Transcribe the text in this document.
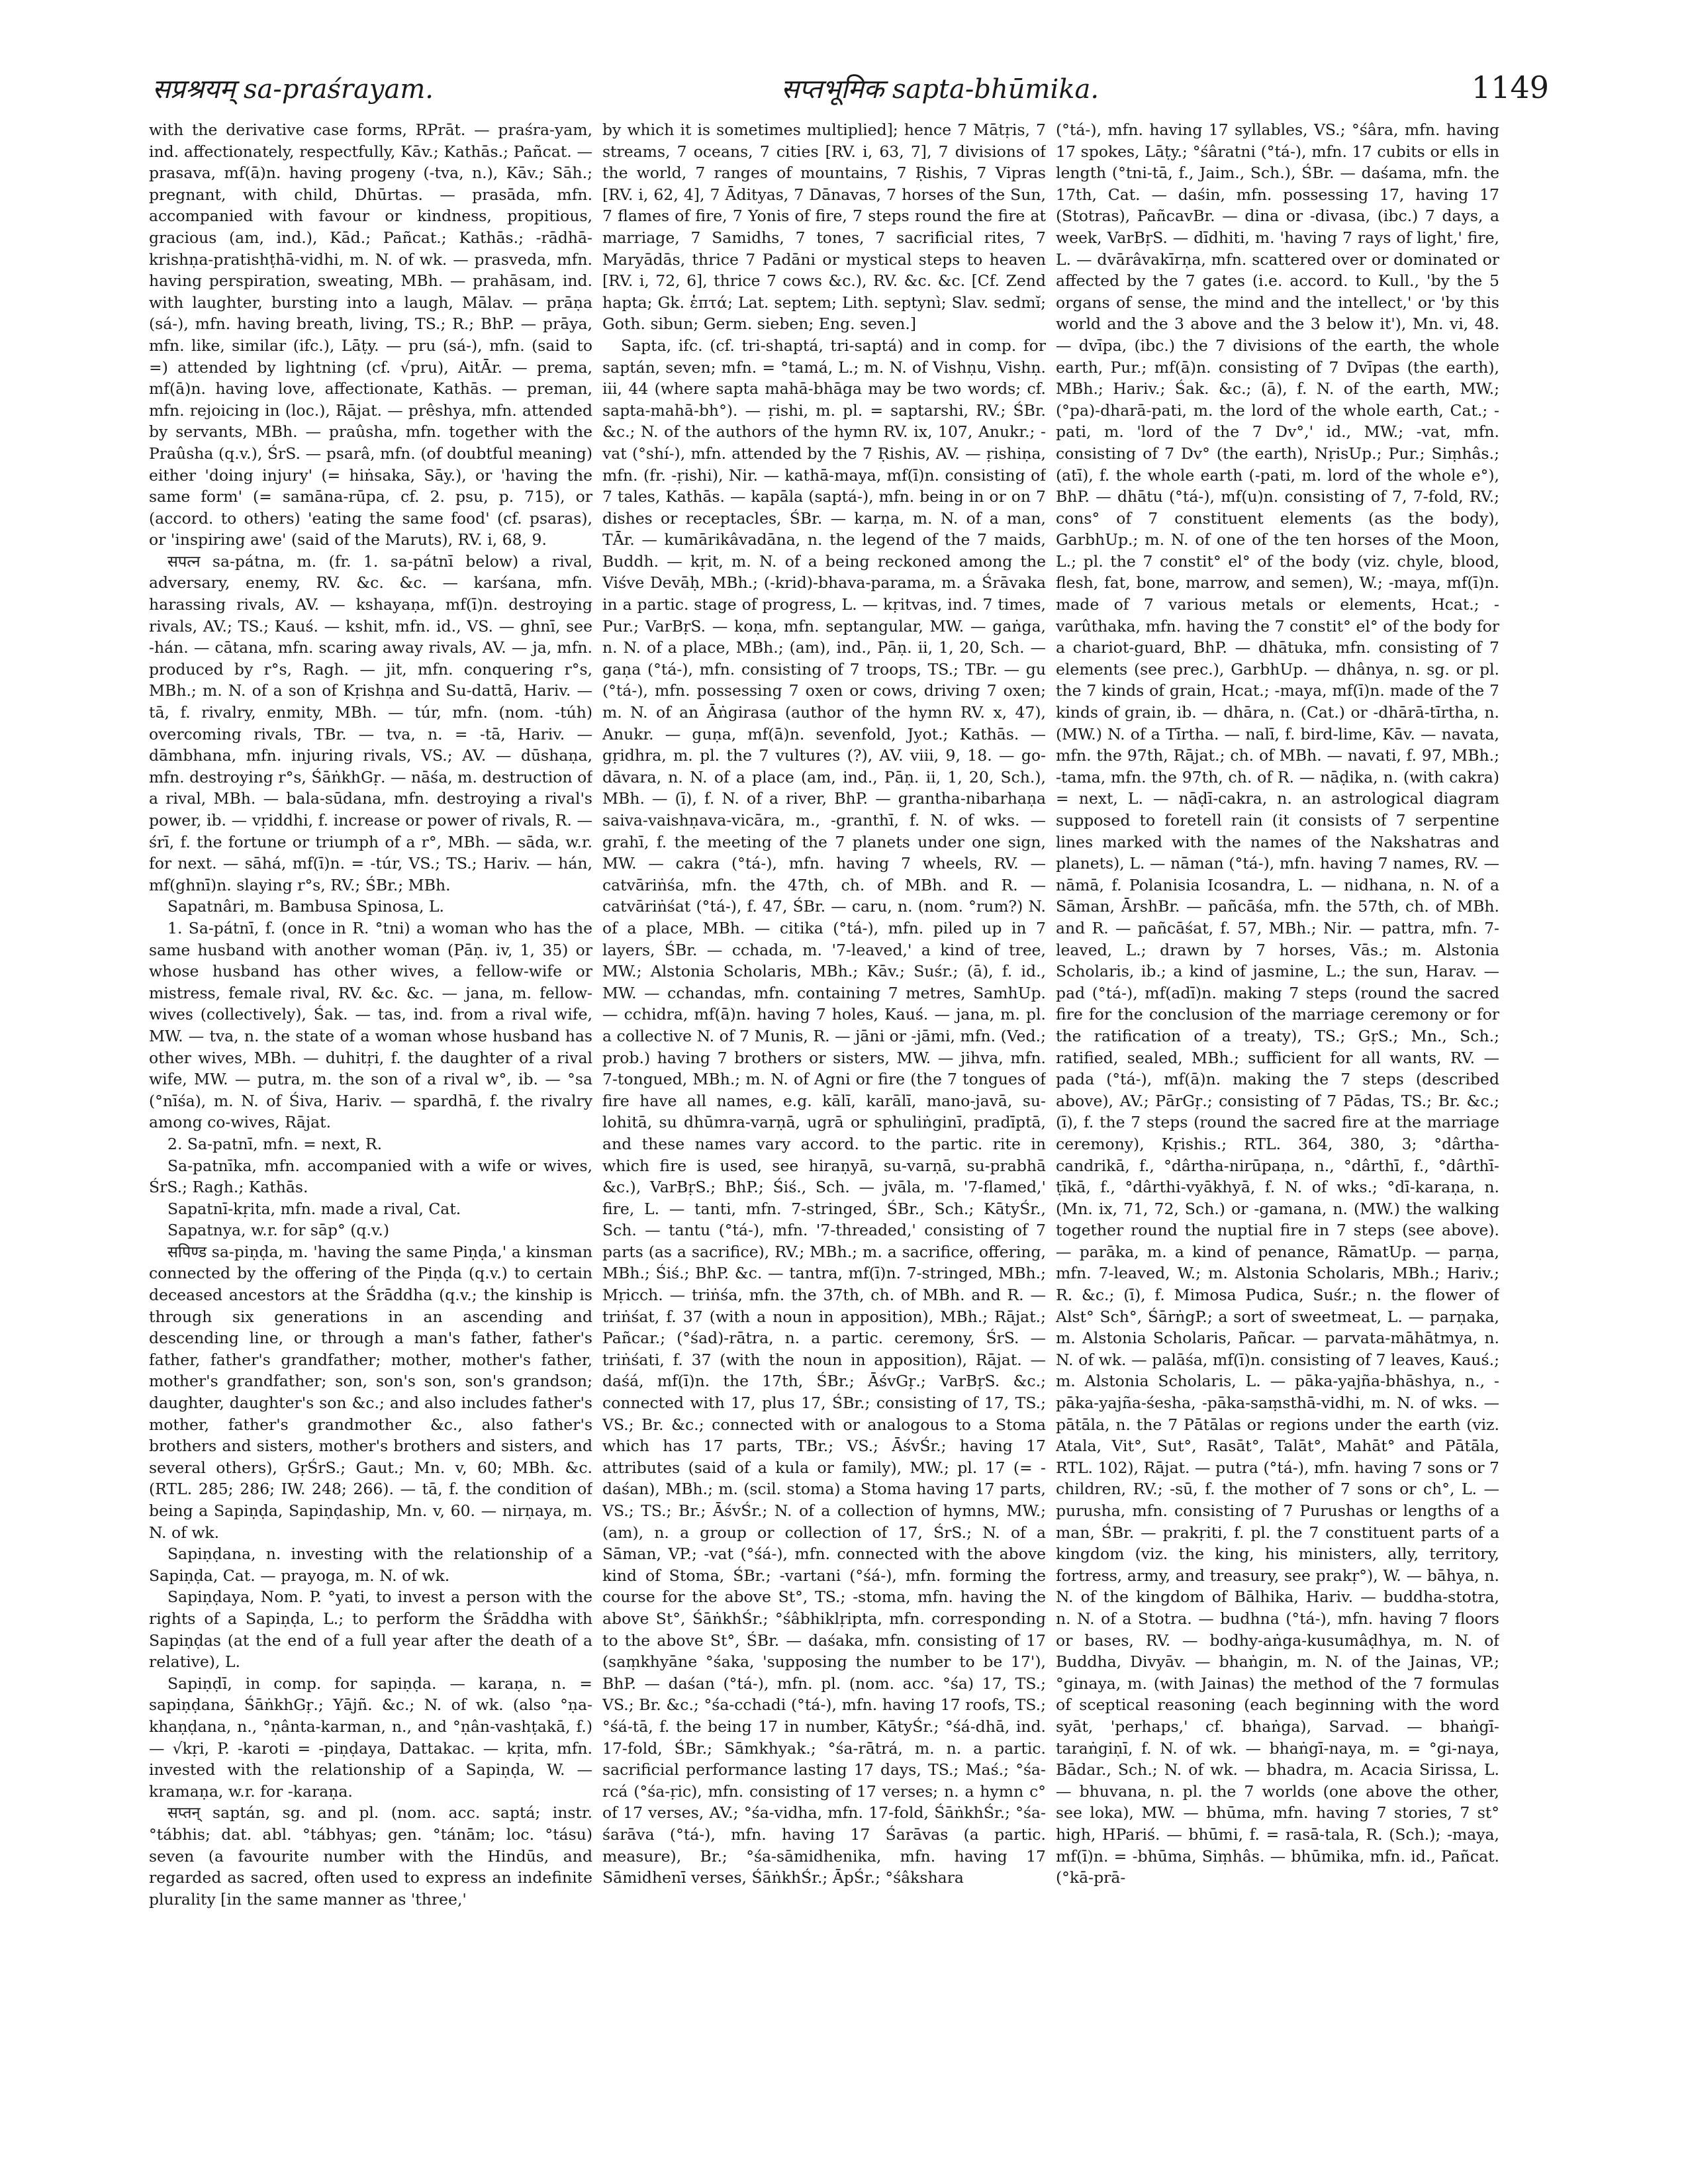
सप्रश्रयम् sa-praśrayam.	सप्तभूमिक sapta-bhūmika.	1149

with the derivative case forms, RPrāt. — praśra-yam, ind. affectionately, respectfully, Kāv.; Kathās.; Pañcat. — prasava, mf(ā)n. having progeny (-tva, n.), Kāv.; Sāh.; pregnant, with child, Dhūrtas. — prasāda, mfn. accompanied with favour or kindness, propitious, gracious (am, ind.), Kād.; Pañcat.; Kathās.; -rādhā-krishṇa-pratishṭhā-vidhi, m. N. of wk. — prasveda, mfn. having perspiration, sweating, MBh. — prahāsam, ind. with laughter, bursting into a laugh, Mālav. — prāṇa (sá-), mfn. having breath, living, TS.; R.; BhP. — prāya, mfn. like, similar (ifc.), Lāṭy. — pru (sá-), mfn. (said to =) attended by lightning (cf. √pru), AitĀr. — prema, mf(ā)n. having love, affectionate, Kathās. — preman, mfn. rejoicing in (loc.), Rājat. — prêshya, mfn. attended by servants, MBh. — praûsha, mfn. together with the Praûsha (q.v.), ŚrS. — psarâ, mfn. (of doubtful meaning) either 'doing injury' (= hiṅsaka, Sāy.), or 'having the same form' (= samāna-rūpa, cf. 2. psu, p. 715), or (accord. to others) 'eating the same food' (cf. psaras), or 'inspiring awe' (said of the Maruts), RV. i, 68, 9.

सपत्न sa-pátna, m. (fr. 1. sa-pátnī below) a rival, adversary, enemy, RV. &c. &c. — karśana, mfn. harassing rivals, AV. — kshayaṇa, mf(ī)n. destroying rivals, AV.; TS.; Kauś. — kshit, mfn. id., VS. — ghnī, see -hán. — cātana, mfn. scaring away rivals, AV. — ja, mfn. produced by r°s, Ragh. — jit, mfn. conquering r°s, MBh.; m. N. of a son of Kṛishṇa and Su-dattā, Hariv. — tā, f. rivalry, enmity, MBh. — túr, mfn. (nom. -túh) overcoming rivals, TBr. — tva, n. = -tā, Hariv. — dāmbhana, mfn. injuring rivals, VS.; AV. — dūshaṇa, mfn. destroying r°s, ŚāṅkhGṛ. — nāśa, m. destruction of a rival, MBh. — bala-sūdana, mfn. destroying a rival's power, ib. — vṛiddhi, f. increase or power of rivals, R. — śrī, f. the fortune or triumph of a r°, MBh. — sāda, w.r. for next. — sāhá, mf(ī)n. = -túr, VS.; TS.; Hariv. — hán, mf(ghnī)n. slaying r°s, RV.; ŚBr.; MBh.

Sapatnâri, m. Bambusa Spinosa, L.

1. Sa-pátnī, f. (once in R. °tni) a woman who has the same husband with another woman (Pāṇ. iv, 1, 35) or whose husband has other wives, a fellow-wife or mistress, female rival, RV. &c. &c. — jana, m. fellow-wives (collectively), Śak. — tas, ind. from a rival wife, MW. — tva, n. the state of a woman whose husband has other wives, MBh. — duhitṛi, f. the daughter of a rival wife, MW. — putra, m. the son of a rival w°, ib. — °sa (°nīśa), m. N. of Śiva, Hariv. — spardhā, f. the rivalry among co-wives, Rājat.

2. Sa-patnī, mfn. = next, R.

Sa-patnīka, mfn. accompanied with a wife or wives, ŚrS.; Ragh.; Kathās.

Sapatnī-kṛita, mfn. made a rival, Cat.

Sapatnya, w.r. for sāp° (q.v.)

सपिण्ड sa-piṇḍa, m. 'having the same Piṇḍa,' a kinsman connected by the offering of the Piṇḍa (q.v.) to certain deceased ancestors at the Śrāddha (q.v.; the kinship is through six generations in an ascending and descending line, or through a man's father, father's father, father's grandfather; mother, mother's father, mother's grandfather; son, son's son, son's grandson; daughter, daughter's son &c.; and also includes father's mother, father's grandmother &c., also father's brothers and sisters, mother's brothers and sisters, and several others), GṛŚrS.; Gaut.; Mn. v, 60; MBh. &c. (RTL. 285; 286; IW. 248; 266). — tā, f. the condition of being a Sapiṇḍa, Sapiṇḍaship, Mn. v, 60. — nirṇaya, m. N. of wk.

Sapiṇḍana, n. investing with the relationship of a Sapiṇḍa, Cat. — prayoga, m. N. of wk.

Sapiṇḍaya, Nom. P. °yati, to invest a person with the rights of a Sapiṇḍa, L.; to perform the Śrāddha with Sapiṇḍas (at the end of a full year after the death of a relative), L.

Sapiṇḍī, in comp. for sapiṇḍa. — karaṇa, n. = sapiṇḍana, ŚāṅkhGṛ.; Yājñ. &c.; N. of wk. (also °ṇa-khaṇḍana, n., °ṇânta-karman, n., and °ṇân-vashṭakā, f.) — √kṛi, P. -karoti = -piṇḍaya, Dattakac. — kṛita, mfn. invested with the relationship of a Sapiṇḍa, W. — kramaṇa, w.r. for -karaṇa.

सप्तन् saptán, sg. and pl. (nom. acc. saptá; instr. °tábhis; dat. abl. °tábhyas; gen. °tánām; loc. °tásu) seven (a favourite number with the Hindūs, and regarded as sacred, often used to express an indefinite plurality [in the same manner as 'three,'

by which it is sometimes multiplied]; hence 7 Mātṛis, 7 streams, 7 oceans, 7 cities [RV. i, 63, 7], 7 divisions of the world, 7 ranges of mountains, 7 Ṛishis, 7 Vipras [RV. i, 62, 4], 7 Ādityas, 7 Dānavas, 7 horses of the Sun, 7 flames of fire, 7 Yonis of fire, 7 steps round the fire at marriage, 7 Samidhs, 7 tones, 7 sacrificial rites, 7 Maryādās, thrice 7 Padāni or mystical steps to heaven [RV. i, 72, 6], thrice 7 cows &c.), RV. &c. &c. [Cf. Zend hapta; Gk. ἑπτά; Lat. septem; Lith. septynì; Slav. sedmĭ; Goth. sibun; Germ. sieben; Eng. seven.]

Sapta, ifc. (cf. tri-shaptá, tri-saptá) and in comp. for saptán, seven; mfn. = °tamá, L.; m. N. of Vishṇu, Vishṇ. iii, 44 (where sapta mahā-bhāga may be two words; cf. sapta-mahā-bh°). — ṛishi, m. pl. = saptarshi, RV.; ŚBr. &c.; N. of the authors of the hymn RV. ix, 107, Anukr.; -vat (°shí-), mfn. attended by the 7 Ṛishis, AV. — ṛishiṇa, mfn. (fr. -ṛishi), Nir. — kathā-maya, mf(ī)n. consisting of 7 tales, Kathās. — kapāla (saptá-), mfn. being in or on 7 dishes or receptacles, ŚBr. — karṇa, m. N. of a man, TĀr. — kumārikâvadāna, n. the legend of the 7 maids, Buddh. — kṛit, m. N. of a being reckoned among the Viśve Devāḥ, MBh.; (-krid)-bhava-parama, m. a Śrāvaka in a partic. stage of progress, L. — kṛitvas, ind. 7 times, Pur.; VarBṛS. — koṇa, mfn. septangular, MW. — gaṅga, n. N. of a place, MBh.; (am), ind., Pāṇ. ii, 1, 20, Sch. — gaṇa (°tá-), mfn. consisting of 7 troops, TS.; TBr. — gu (°tá-), mfn. possessing 7 oxen or cows, driving 7 oxen; m. N. of an Āṅgirasa (author of the hymn RV. x, 47), Anukr. — guṇa, mf(ā)n. sevenfold, Jyot.; Kathās. — gṛidhra, m. pl. the 7 vultures (?), AV. viii, 9, 18. — go-dāvara, n. N. of a place (am, ind., Pāṇ. ii, 1, 20, Sch.), MBh. — (ī), f. N. of a river, BhP. — grantha-nibarhaṇa saiva-vaishṇava-vicāra, m., -granthī, f. N. of wks. — grahī, f. the meeting of the 7 planets under one sign, MW. — cakra (°tá-), mfn. having 7 wheels, RV. — catvāriṅśa, mfn. the 47th, ch. of MBh. and R. — catvāriṅśat (°tá-), f. 47, ŚBr. — caru, n. (nom. °rum?) N. of a place, MBh. — citika (°tá-), mfn. piled up in 7 layers, ŚBr. — cchada, m. '7-leaved,' a kind of tree, MW.; Alstonia Scholaris, MBh.; Kāv.; Suśr.; (ā), f. id., MW. — cchandas, mfn. containing 7 metres, SamhUp. — cchidra, mf(ā)n. having 7 holes, Kauś. — jana, m. pl. a collective N. of 7 Munis, R. — jāni or -jāmi, mfn. (Ved.; prob.) having 7 brothers or sisters, MW. — jihva, mfn. 7-tongued, MBh.; m. N. of Agni or fire (the 7 tongues of fire have all names, e.g. kālī, karālī, mano-javā, su-lohitā, su dhūmra-varṇā, ugrā or sphuliṅginī, pradīptā, and these names vary accord. to the partic. rite in which fire is used, see hiraṇyā, su-varṇā, su-prabhā &c.), VarBṛS.; BhP.; Śiś., Sch. — jvāla, m. '7-flamed,' fire, L. — tanti, mfn. 7-stringed, ŚBr., Sch.; KātyŚr., Sch. — tantu (°tá-), mfn. '7-threaded,' consisting of 7 parts (as a sacrifice), RV.; MBh.; m. a sacrifice, offering, MBh.; Śiś.; BhP. &c. — tantra, mf(ī)n. 7-stringed, MBh.; Mṛicch. — triṅśa, mfn. the 37th, ch. of MBh. and R. — triṅśat, f. 37 (with a noun in apposition), MBh.; Rājat.; Pañcar.; (°śad)-rātra, n. a partic. ceremony, ŚrS. — triṅśati, f. 37 (with the noun in apposition), Rājat. — daśá, mf(ī)n. the 17th, ŚBr.; ĀśvGṛ.; VarBṛS. &c.; connected with 17, plus 17, ŚBr.; consisting of 17, TS.; VS.; Br. &c.; connected with or analogous to a Stoma which has 17 parts, TBr.; VS.; ĀśvŚr.; having 17 attributes (said of a kula or family), MW.; pl. 17 (= -daśan), MBh.; m. (scil. stoma) a Stoma having 17 parts, VS.; TS.; Br.; ĀśvŚr.; N. of a collection of hymns, MW.; (am), n. a group or collection of 17, ŚrS.; N. of a Sāman, VP.; -vat (°śá-), mfn. connected with the above kind of Stoma, ŚBr.; -vartani (°śá-), mfn. forming the course for the above St°, TS.; -stoma, mfn. having the above St°, ŚāṅkhŚr.; °śâbhiklṛipta, mfn. corresponding to the above St°, ŚBr. — daśaka, mfn. consisting of 17 (saṃkhyāne °śaka, 'supposing the number to be 17'), BhP. — daśan (°tá-), mfn. pl. (nom. acc. °śa) 17, TS.; VS.; Br. &c.; °śa-cchadi (°tá-), mfn. having 17 roofs, TS.; °śá-tā, f. the being 17 in number, KātyŚr.; °śá-dhā, ind. 17-fold, ŚBr.; Sāmkhyak.; °śa-rātrá, m. n. a partic. sacrificial performance lasting 17 days, TS.; Maś.; °śa-rcá (°śa-ṛic), mfn. consisting of 17 verses; n. a hymn c° of 17 verses, AV.; °śa-vidha, mfn. 17-fold, ŚāṅkhŚr.; °śa-śarāva (°tá-), mfn. having 17 Śarāvas (a partic. measure), Br.; °śa-sāmidhenika, mfn. having 17 Sāmidhenī verses, ŚāṅkhŚr.; ĀpŚr.; °śâkshara

(°tá-), mfn. having 17 syllables, VS.; °śâra, mfn. having 17 spokes, Lāṭy.; °śâratni (°tá-), mfn. 17 cubits or ells in length (°tni-tā, f., Jaim., Sch.), ŚBr. — daśama, mfn. the 17th, Cat. — daśin, mfn. possessing 17, having 17 (Stotras), PañcavBr. — dina or -divasa, (ibc.) 7 days, a week, VarBṛS. — dīdhiti, m. 'having 7 rays of light,' fire, L. — dvārâvakīrṇa, mfn. scattered over or dominated or affected by the 7 gates (i.e. accord. to Kull., 'by the 5 organs of sense, the mind and the intellect,' or 'by this world and the 3 above and the 3 below it'), Mn. vi, 48. — dvīpa, (ibc.) the 7 divisions of the earth, the whole earth, Pur.; mf(ā)n. consisting of 7 Dvīpas (the earth), MBh.; Hariv.; Śak. &c.; (ā), f. N. of the earth, MW.; (°pa)-dharā-pati, m. the lord of the whole earth, Cat.; -pati, m. 'lord of the 7 Dv°,' id., MW.; -vat, mfn. consisting of 7 Dv° (the earth), NṛisUp.; Pur.; Siṃhâs.; (atī), f. the whole earth (-pati, m. lord of the whole e°), BhP. — dhātu (°tá-), mf(u)n. consisting of 7, 7-fold, RV.; cons° of 7 constituent elements (as the body), GarbhUp.; m. N. of one of the ten horses of the Moon, L.; pl. the 7 constit° el° of the body (viz. chyle, blood, flesh, fat, bone, marrow, and semen), W.; -maya, mf(ī)n. made of 7 various metals or elements, Hcat.; -varûthaka, mfn. having the 7 constit° el° of the body for a chariot-guard, BhP. — dhātuka, mfn. consisting of 7 elements (see prec.), GarbhUp. — dhânya, n. sg. or pl. the 7 kinds of grain, Hcat.; -maya, mf(ī)n. made of the 7 kinds of grain, ib. — dhāra, n. (Cat.) or -dhārā-tīrtha, n. (MW.) N. of a Tīrtha. — nalī, f. bird-lime, Kāv. — navata, mfn. the 97th, Rājat.; ch. of MBh. — navati, f. 97, MBh.; -tama, mfn. the 97th, ch. of R. — nāḍika, n. (with cakra) = next, L. — nāḍī-cakra, n. an astrological diagram supposed to foretell rain (it consists of 7 serpentine lines marked with the names of the Nakshatras and planets), L. — nāman (°tá-), mfn. having 7 names, RV. — nāmā, f. Polanisia Icosandra, L. — nidhana, n. N. of a Sāman, ĀrshBr. — pañcāśa, mfn. the 57th, ch. of MBh. and R. — pañcāśat, f. 57, MBh.; Nir. — pattra, mfn. 7-leaved, L.; drawn by 7 horses, Vās.; m. Alstonia Scholaris, ib.; a kind of jasmine, L.; the sun, Harav. — pad (°tá-), mf(adī)n. making 7 steps (round the sacred fire for the conclusion of the marriage ceremony or for the ratification of a treaty), TS.; GṛS.; Mn., Sch.; ratified, sealed, MBh.; sufficient for all wants, RV. — pada (°tá-), mf(ā)n. making the 7 steps (described above), AV.; PārGṛ.; consisting of 7 Pādas, TS.; Br. &c.; (ī), f. the 7 steps (round the sacred fire at the marriage ceremony), Kṛishis.; RTL. 364, 380, 3; °dârtha-candrikā, f., °dârtha-nirūpaṇa, n., °dârthī, f., °dârthī-ṭīkā, f., °dârthi-vyākhyā, f. N. of wks.; °dī-karaṇa, n. (Mn. ix, 71, 72, Sch.) or -gamana, n. (MW.) the walking together round the nuptial fire in 7 steps (see above). — parāka, m. a kind of penance, RāmatUp. — parṇa, mfn. 7-leaved, W.; m. Alstonia Scholaris, MBh.; Hariv.; R. &c.; (ī), f. Mimosa Pudica, Suśr.; n. the flower of Alst° Sch°, ŚārṅgP.; a sort of sweetmeat, L. — parṇaka, m. Alstonia Scholaris, Pañcar. — parvata-māhātmya, n. N. of wk. — palāśa, mf(ī)n. consisting of 7 leaves, Kauś.; m. Alstonia Scholaris, L. — pāka-yajña-bhāshya, n., -pāka-yajña-śesha, -pāka-saṃsthā-vidhi, m. N. of wks. — pātāla, n. the 7 Pātālas or regions under the earth (viz. Atala, Vit°, Sut°, Rasāt°, Talāt°, Mahāt° and Pātāla, RTL. 102), Rājat. — putra (°tá-), mfn. having 7 sons or 7 children, RV.; -sū, f. the mother of 7 sons or ch°, L. — purusha, mfn. consisting of 7 Purushas or lengths of a man, ŚBr. — prakṛiti, f. pl. the 7 constituent parts of a kingdom (viz. the king, his ministers, ally, territory, fortress, army, and treasury, see prakṛ°), W. — bāhya, n. N. of the kingdom of Bālhika, Hariv. — buddha-stotra, n. N. of a Stotra. — budhna (°tá-), mfn. having 7 floors or bases, RV. — bodhy-aṅga-kusumâḍhya, m. N. of Buddha, Divyāv. — bhaṅgin, m. N. of the Jainas, VP.; °ginaya, m. (with Jainas) the method of the 7 formulas of sceptical reasoning (each beginning with the word syāt, 'perhaps,' cf. bhaṅga), Sarvad. — bhaṅgī-taraṅgiṇī, f. N. of wk. — bhaṅgī-naya, m. = °gi-naya, Bādar., Sch.; N. of wk. — bhadra, m. Acacia Sirissa, L. — bhuvana, n. pl. the 7 worlds (one above the other, see loka), MW. — bhūma, mfn. having 7 stories, 7 st° high, HPariś. — bhūmi, f. = rasā-tala, R. (Sch.); -maya, mf(ī)n. = -bhūma, Siṃhâs. — bhūmika, mfn. id., Pañcat. (°kā-prā-
